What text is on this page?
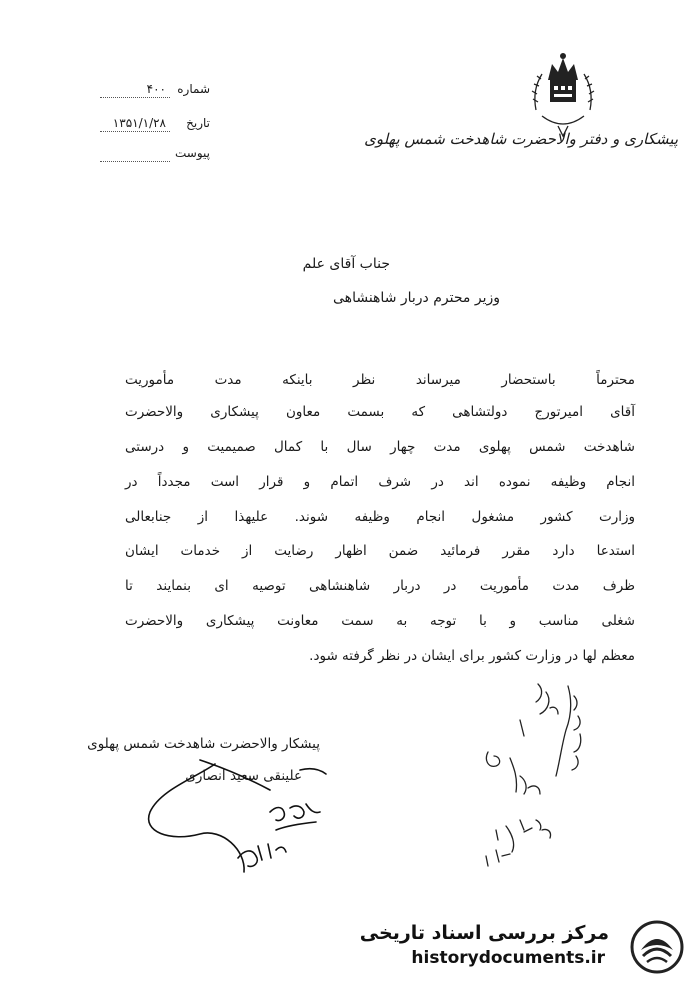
شماره
۴۰۰
تاریخ
۱۳۵۱/۱/۲۸
پیوست
پیشکاری و دفتر والاحضرت شاهدخت شمس پهلوی
جناب آقای علم
وزیر محترم دربار شاهنشاهی
محترماً باستحضار میرساند نظر باینکه مدت مأموریت
آقای امیرتورج دولتشاهی که بسمت معاون پیشکاری والاحضرت
شاهدخت شمس پهلوی مدت چهار سال با کمال صمیمیت و درستی
انجام وظیفه نموده اند در شرف اتمام و قرار است مجدداً در
وزارت کشور مشغول انجام وظیفه شوند. علیهذا از جنابعالی
استدعا دارد مقرر فرمائید ضمن اظهار رضایت از خدمات ایشان
ظرف مدت مأموریت در دربار شاهنشاهی توصیه ای بنمایند تا
شغلی مناسب و با توجه به سمت معاونت پیشکاری والاحضرت
معظم لها در وزارت کشور برای ایشان در نظر گرفته شود.
پیشکار والاحضرت شاهدخت شمس پهلوی
علینقی سعید انصاری
مرکز بررسی اسناد تاریخی
historydocuments.ir
